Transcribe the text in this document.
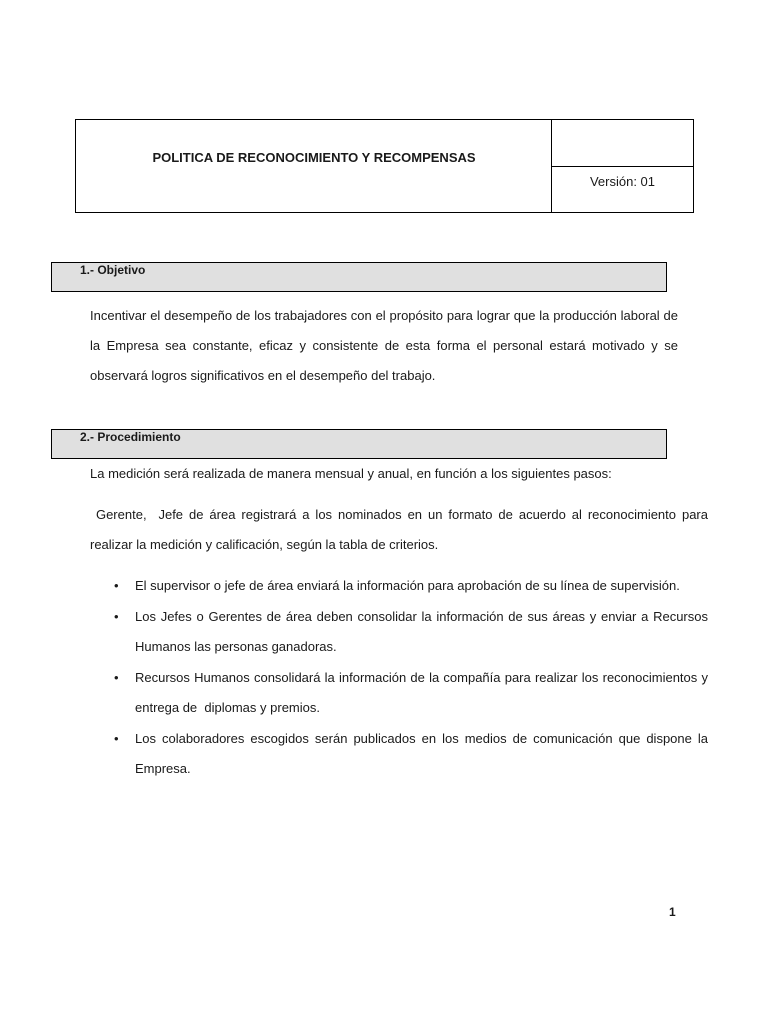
POLITICA DE RECONOCIMIENTO Y RECOMPENSAS
Versión: 01
1.- Objetivo
Incentivar el desempeño de los trabajadores con el propósito para lograr que la producción laboral de la Empresa sea constante, eficaz y consistente de esta forma el personal estará motivado y se observará logros significativos en el desempeño del trabajo.
2.- Procedimiento
La medición será realizada de manera mensual y anual, en función a los siguientes pasos:
Gerente,  Jefe de área registrará a los nominados en un formato de acuerdo al reconocimiento para realizar la medición y calificación, según la tabla de criterios.
• El supervisor o jefe de área enviará la información para aprobación de su línea de supervisión.
• Los Jefes o Gerentes de área deben consolidar la información de sus áreas y enviar a Recursos Humanos las personas ganadoras.
• Recursos Humanos consolidará la información de la compañía para realizar los reconocimientos y entrega de  diplomas y premios.
• Los colaboradores escogidos serán publicados en los medios de comunicación que dispone la Empresa.
1
